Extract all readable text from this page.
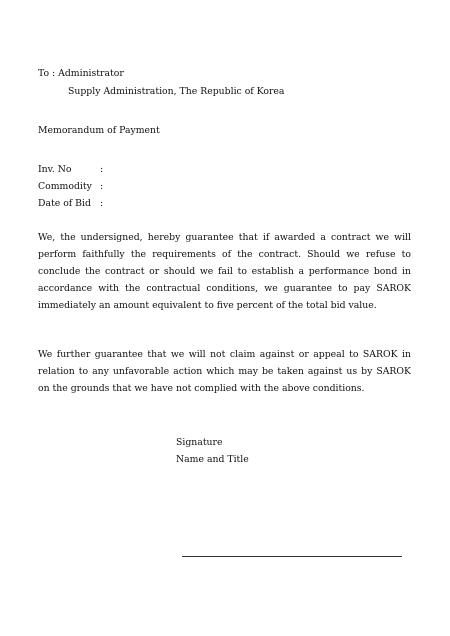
To : Administrator
Supply Administration, The Republic of Korea
Memorandum of Payment
Inv. No	:
Commodity :
Date of Bid :
We, the undersigned, hereby guarantee that if awarded a contract we will perform faithfully the requirements of the contract. Should we refuse to conclude the contract or should we fail to establish a performance bond in accordance with the contractual conditions, we guarantee to pay SAROK immediately an amount equivalent to five percent of the total bid value.
We further guarantee that we will not claim against or appeal to SAROK in relation to any unfavorable action which may be taken against us by SAROK on the grounds that we have not complied with the above conditions.
Signature
Name and Title
